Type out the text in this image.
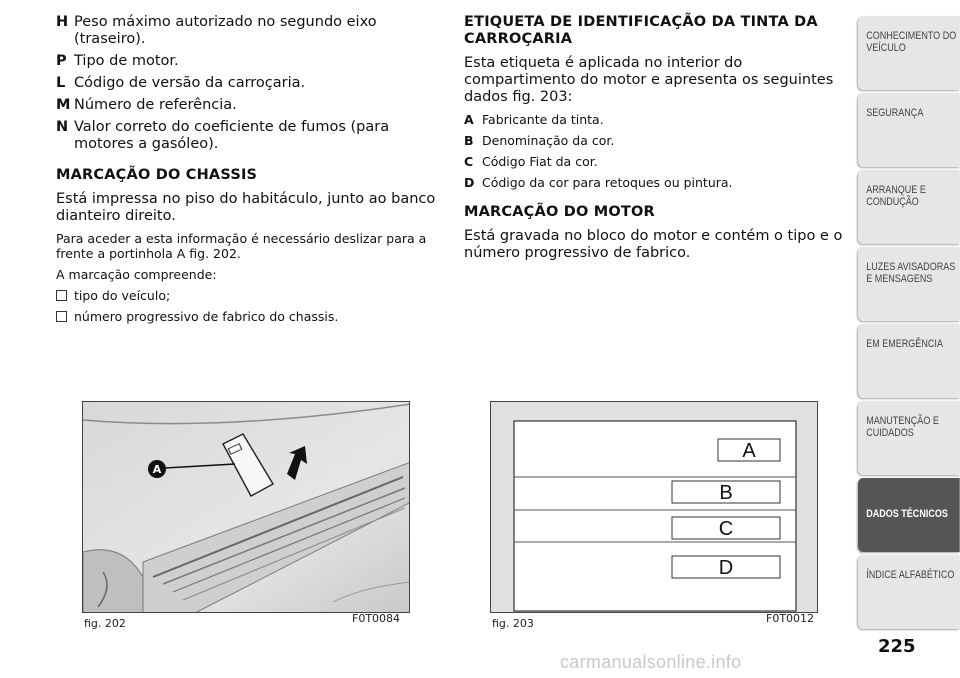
H Peso máximo autorizado no segundo eixo (traseiro).
P Tipo de motor.
L Código de versão da carroçaria.
M Número de referência.
N Valor correto do coeficiente de fumos (para motores a gasóleo).
MARCAÇÃO DO CHASSIS

Está impressa no piso do habitáculo, junto ao banco dianteiro direito.

Para aceder a esta informação é necessário deslizar para a frente a portinhola A fig. 202.

A marcação compreende:

tipo do veículo;
número progressivo de fabrico do chassis.
ETIQUETA DE IDENTIFICAÇÃO DA TINTA DA CARROÇARIA

Esta etiqueta é aplicada no interior do compartimento do motor e apresenta os seguintes dados fig. 203:

A Fabricante da tinta.
B Denominação da cor.
C Código Fiat da cor.
D Código da cor para retoques ou pintura.
MARCAÇÃO DO MOTOR

Está gravada no bloco do motor e contém o tipo e o número progressivo de fabrico.

A
fig. 202	F0T0084
A
B
C
D
fig. 203	F0T0012
CONHECIMENTO DO VEÍCULO
SEGURANÇA
ARRANQUE E CONDUÇÃO
LUZES AVISADORAS E MENSAGENS
EM EMERGÊNCIA
MANUTENÇÃO E CUIDADOS
DADOS TÉCNICOS
ÍNDICE ALFABÉTICO
225
carmanualsonline.info
